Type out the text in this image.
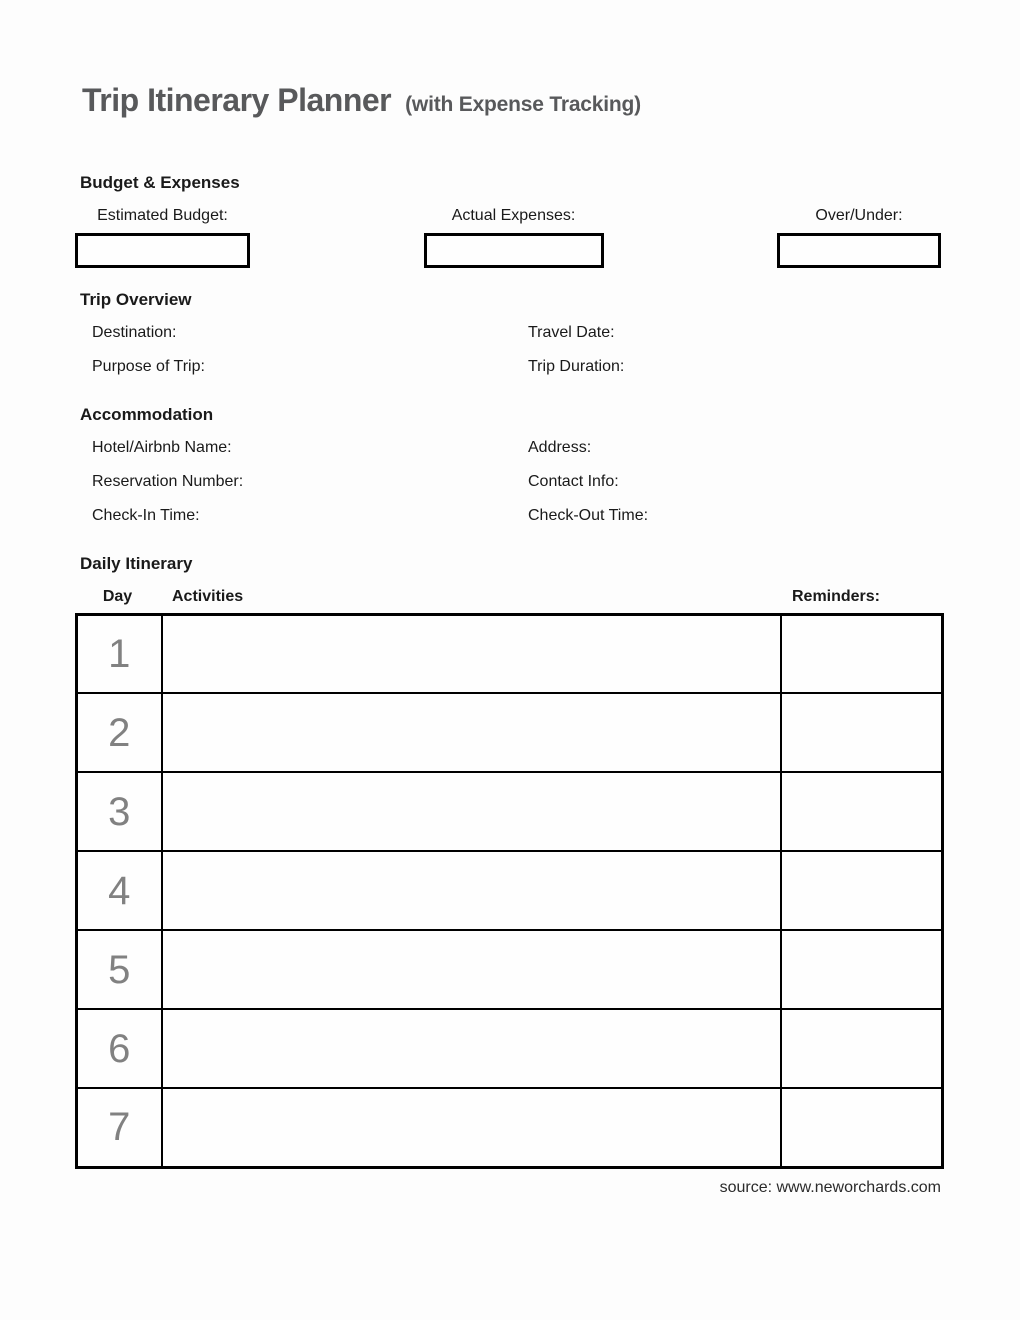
Trip Itinerary Planner (with Expense Tracking)
Budget & Expenses
Estimated Budget:	Actual Expenses:	Over/Under:
Trip Overview
Destination:	Travel Date:
Purpose of Trip:	Trip Duration:
Accommodation
Hotel/Airbnb Name:	Address:
Reservation Number:	Contact Info:
Check-In Time:	Check-Out Time:
Daily Itinerary
Day	Activities	Reminders:
1		
2		
3		
4		
5		
6		
7		
source: www.neworchards.com
